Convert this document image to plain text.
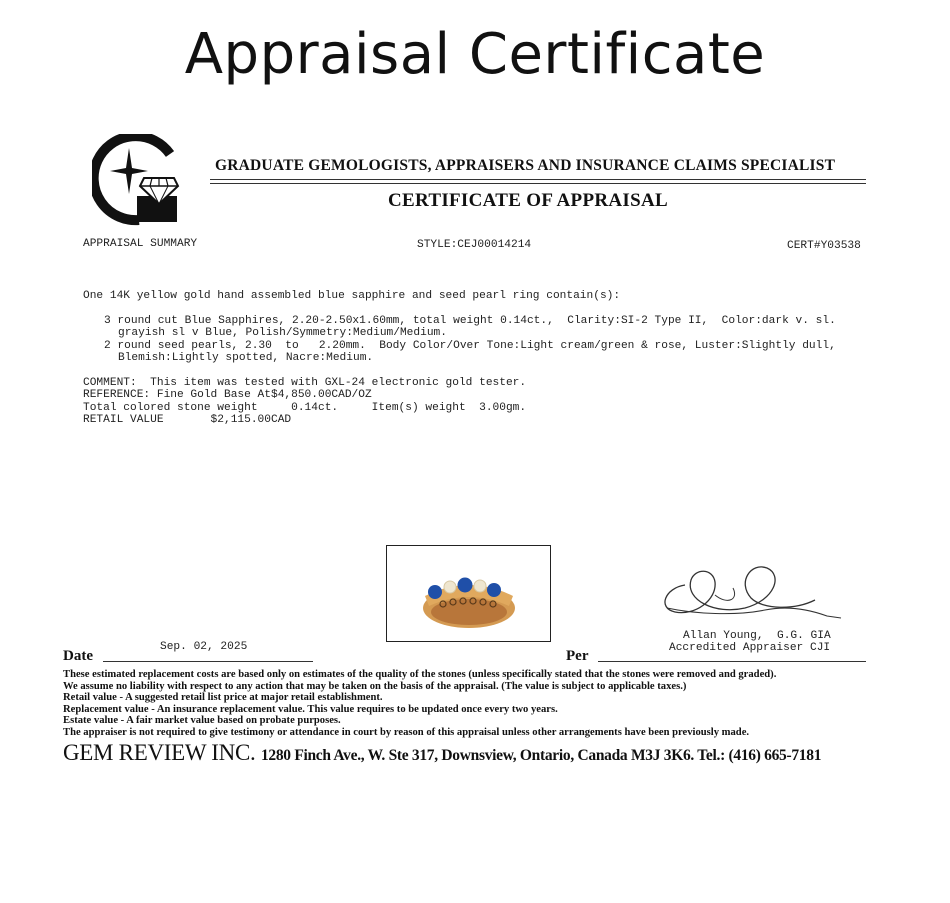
Appraisal Certificate
GRADUATE GEMOLOGISTS, APPRAISERS AND INSURANCE CLAIMS SPECIALIST
CERTIFICATE OF APPRAISAL
APPRAISAL SUMMARY	STYLE:CEJ00014214	CERT#Y03538
One 14K yellow gold hand assembled blue sapphire and seed pearl ring contain(s):
3 round cut Blue Sapphires, 2.20-2.50x1.60mm, total weight 0.14ct.,  Clarity:SI-2 Type II,  Color:dark v. sl.
grayish sl v Blue, Polish/Symmetry:Medium/Medium.
2 round seed pearls, 2.30  to   2.20mm.  Body Color/Over Tone:Light cream/green & rose, Luster:Slightly dull,
Blemish:Lightly spotted, Nacre:Medium.
COMMENT:  This item was tested with GXL-24 electronic gold tester.
REFERENCE: Fine Gold Base At$4,850.00CAD/OZ
Total colored stone weight     0.14ct.     Item(s) weight  3.00gm.
RETAIL VALUE       $2,115.00CAD
Allan Young,  G.G. GIA
Accredited Appraiser CJI
Sep. 02, 2025
Date	Per
These estimated replacement costs are based only on estimates of the quality of the stones (unless specifically stated that the stones were removed and graded).
We assume no liability with respect to any action that may be taken on the basis of the appraisal. (The value is subject to applicable taxes.)
Retail value - A suggested retail list price at major retail establishment.
Replacement value - An insurance replacement value. This value requires to be updated once every two years.
Estate value - A fair market value based on probate purposes.
The appraiser is not required to give testimony or attendance in court by reason of this appraisal unless other arrangements have been previously made.
GEM REVIEW INC. 1280 Finch Ave., W. Ste 317, Downsview, Ontario, Canada M3J 3K6. Tel.: (416) 665-7181
